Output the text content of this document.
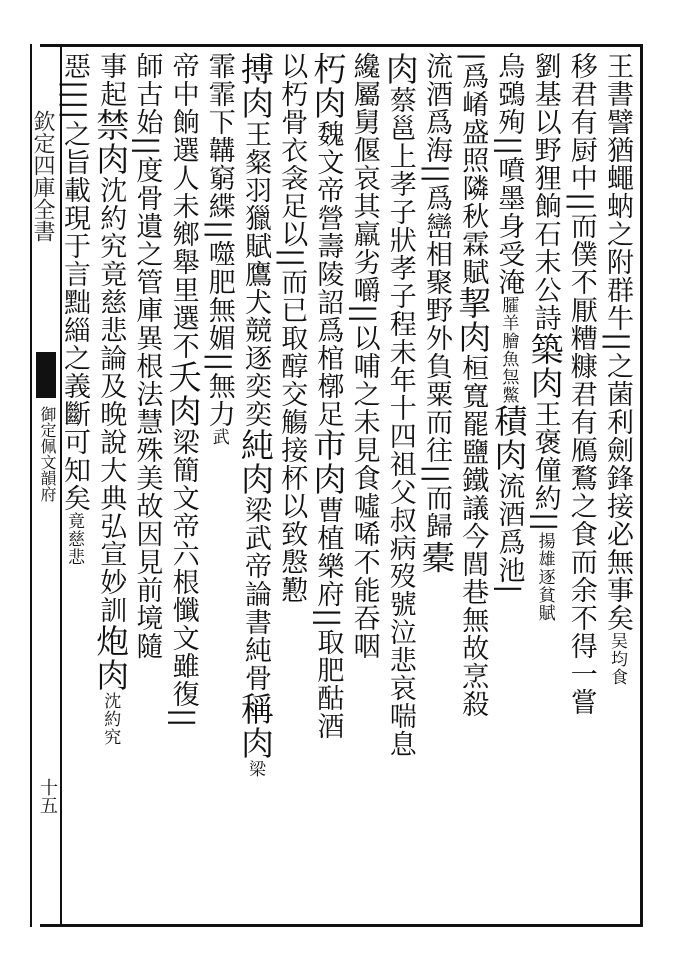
欽定四庫全書
御定佩文韻府
十五
王書譬猶蠅蚋之附群牛||之菌利劍鋒接必無事矣吴均食
移君有厨中||而僕不厭糟糠君有鴈鶩之食而余不得一嘗
劉基以野狸餉石末公詩築肉王褒僮約||揚雄逐貧賦
烏鵶殉||噴墨身受淹臛羊膾魚炰鱉積肉流酒爲池|
|爲崤盛照隣秋霖賦挈肉桓寬罷鹽鐵議今閭巷無故烹殺
流酒爲海||爲巒相聚野外負粟而往||而歸橐
肉蔡邕上孝子狀孝子程未年十四祖父叔病歿號泣悲哀喘息
纔屬舅偃哀其羸劣嚼||以哺之未見食噓唏不能吞咽
朽肉魏文帝營壽陵詔爲棺槨足市肉曹植樂府||取肥酤酒
以朽骨衣衾足以||而已取醇交觴接杯以致慇懃
搏肉王粲羽獵賦鷹犬競逐奕奕純肉梁武帝論書純骨稱肉梁
霏霏下韝窮緤||噬肥無媚||無力武
帝中餉選人未鄉舉里選不夭肉梁簡文帝六根懺文雖復||
師古始||度骨遺之管庫異根法慧殊美故因見前境隨
事起禁肉沈約究竟慈悲論及晚說大典弘宣妙訓炮肉沈約究
惡||||之旨載現于言黜緇之義斷可知矣竟慈悲
